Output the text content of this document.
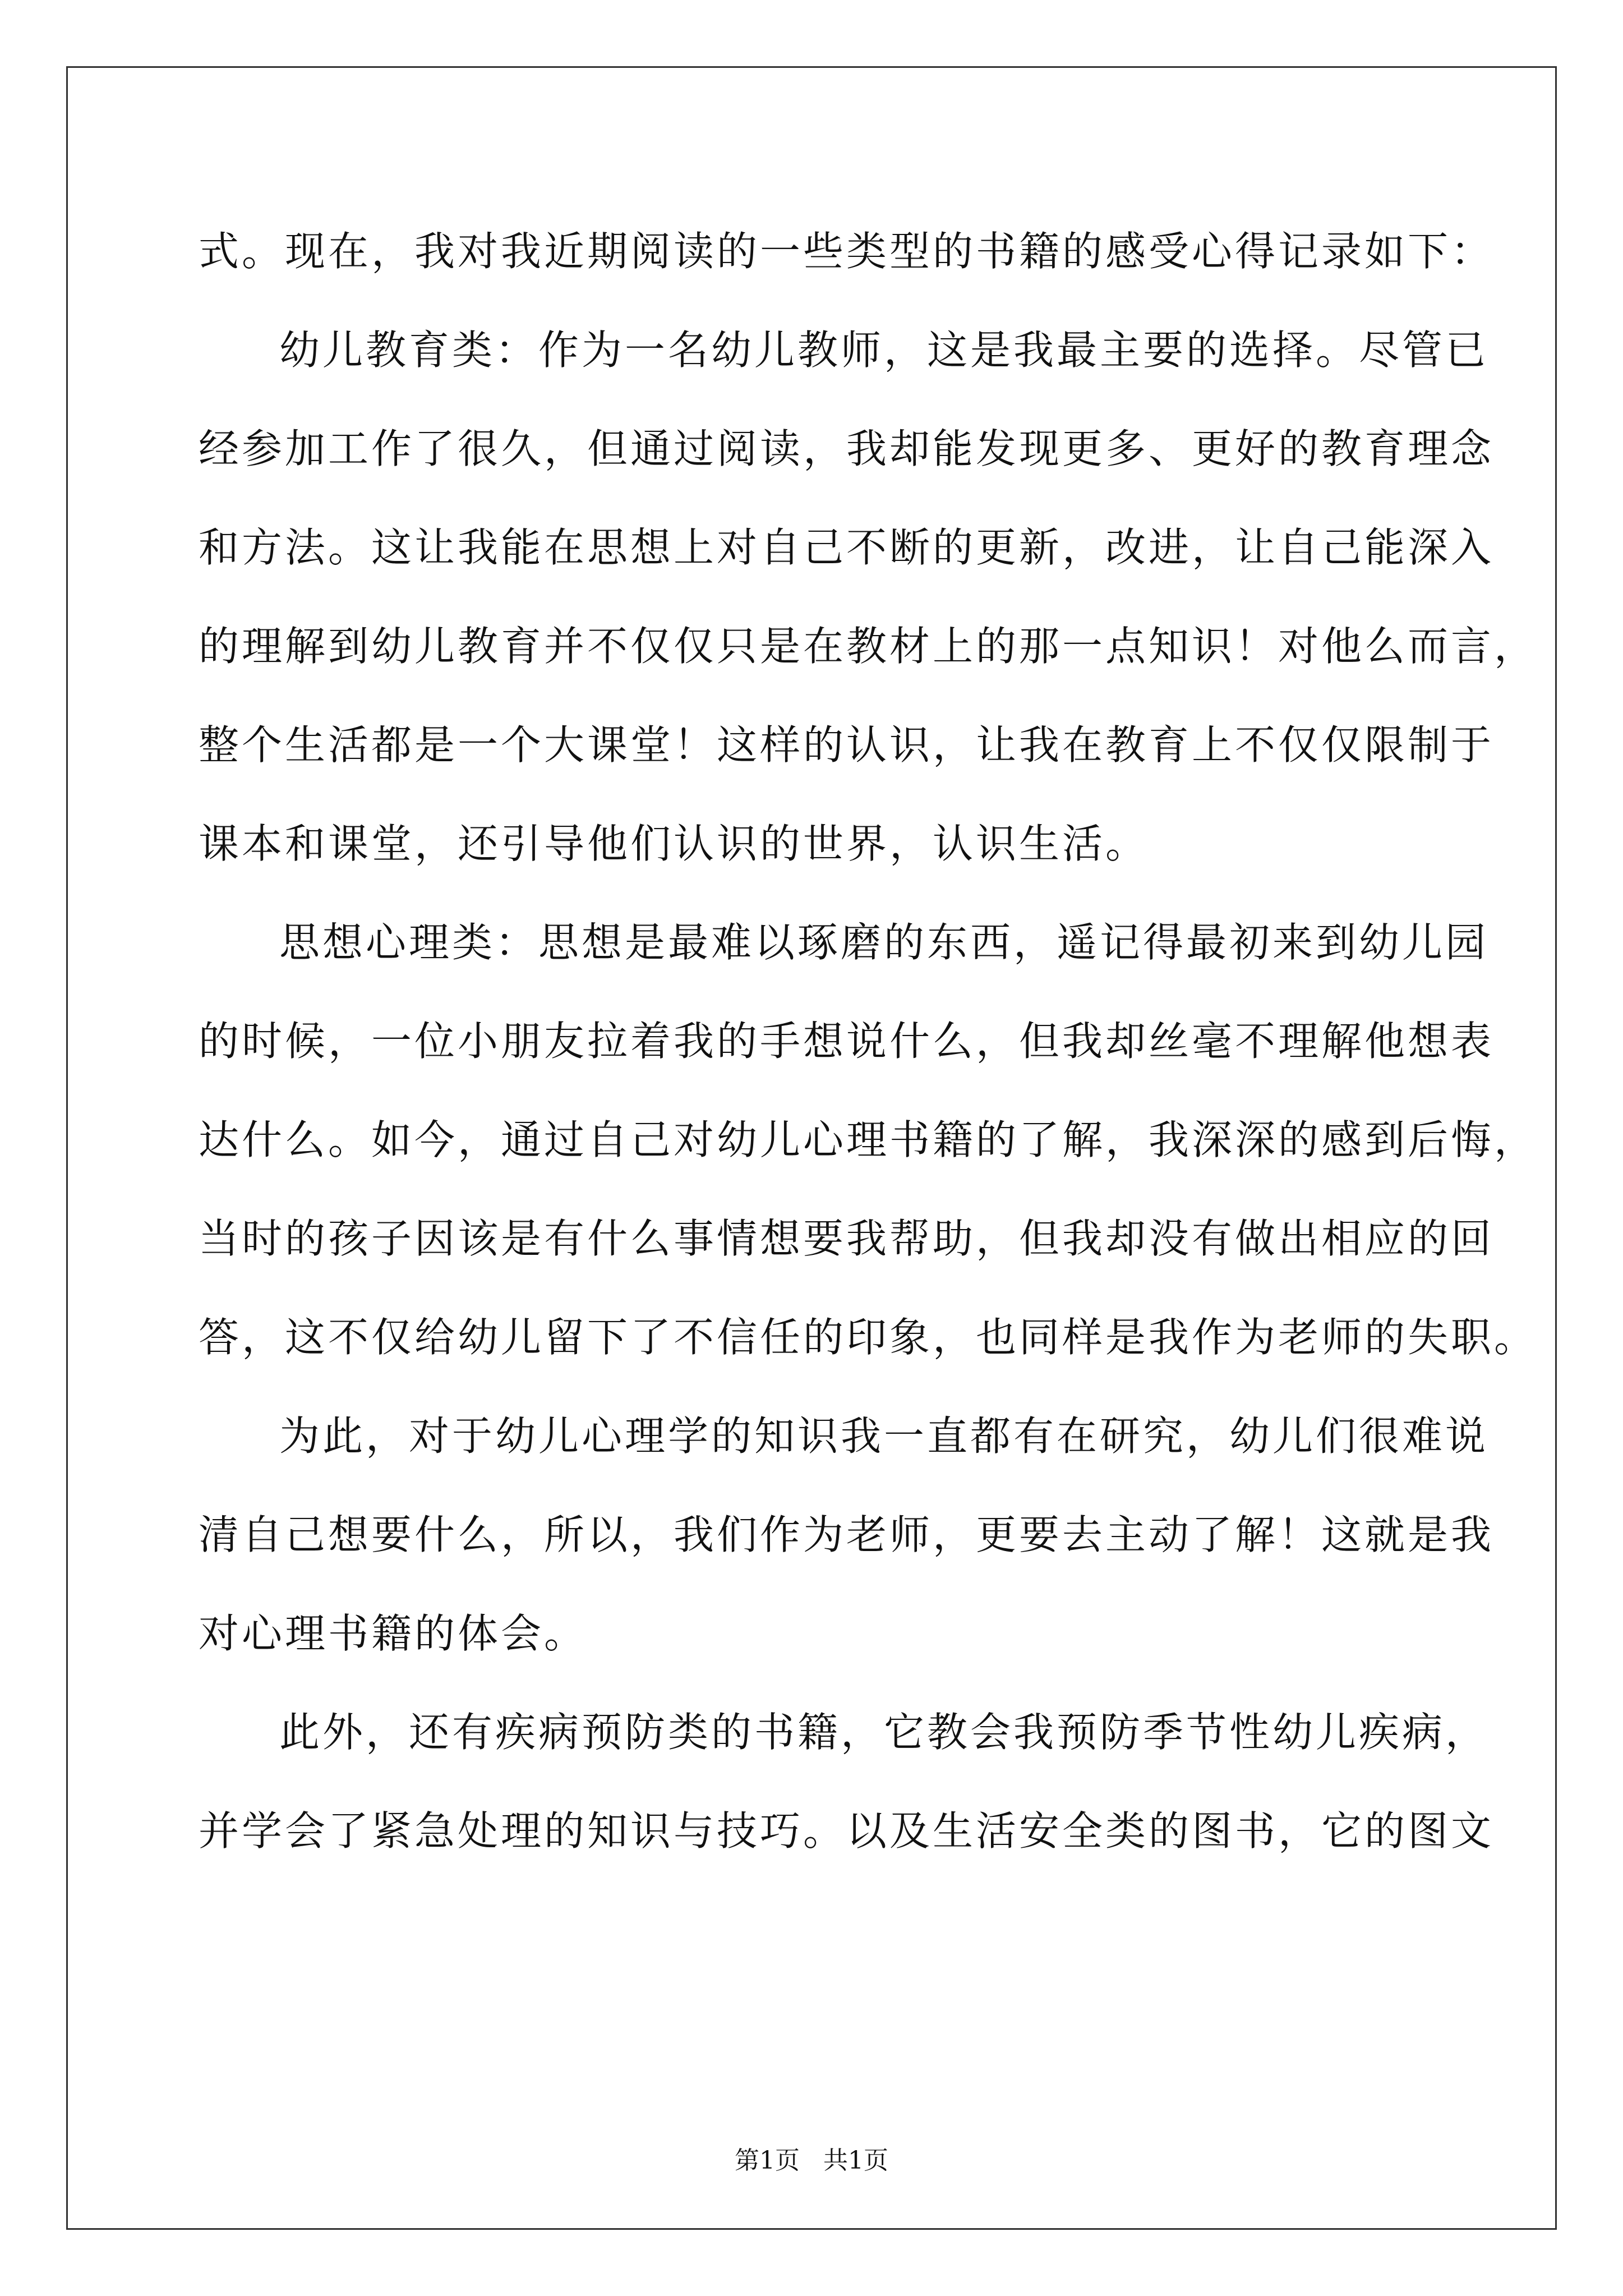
式。现在，我对我近期阅读的一些类型的书籍的感受心得记录如下：
幼儿教育类：作为一名幼儿教师，这是我最主要的选择。尽管已
经参加工作了很久，但通过阅读，我却能发现更多、更好的教育理念
和方法。这让我能在思想上对自己不断的更新，改进，让自己能深入
的理解到幼儿教育并不仅仅只是在教材上的那一点知识！对他么而言，
整个生活都是一个大课堂！这样的认识，让我在教育上不仅仅限制于
课本和课堂，还引导他们认识的世界，认识生活。
思想心理类：思想是最难以琢磨的东西，遥记得最初来到幼儿园
的时候，一位小朋友拉着我的手想说什么，但我却丝毫不理解他想表
达什么。如今，通过自己对幼儿心理书籍的了解，我深深的感到后悔，
当时的孩子因该是有什么事情想要我帮助，但我却没有做出相应的回
答，这不仅给幼儿留下了不信任的印象，也同样是我作为老师的失职。
为此，对于幼儿心理学的知识我一直都有在研究，幼儿们很难说
清自己想要什么，所以，我们作为老师，更要去主动了解！这就是我
对心理书籍的体会。
此外，还有疾病预防类的书籍，它教会我预防季节性幼儿疾病，
并学会了紧急处理的知识与技巧。以及生活安全类的图书，它的图文
第1页 共1页
